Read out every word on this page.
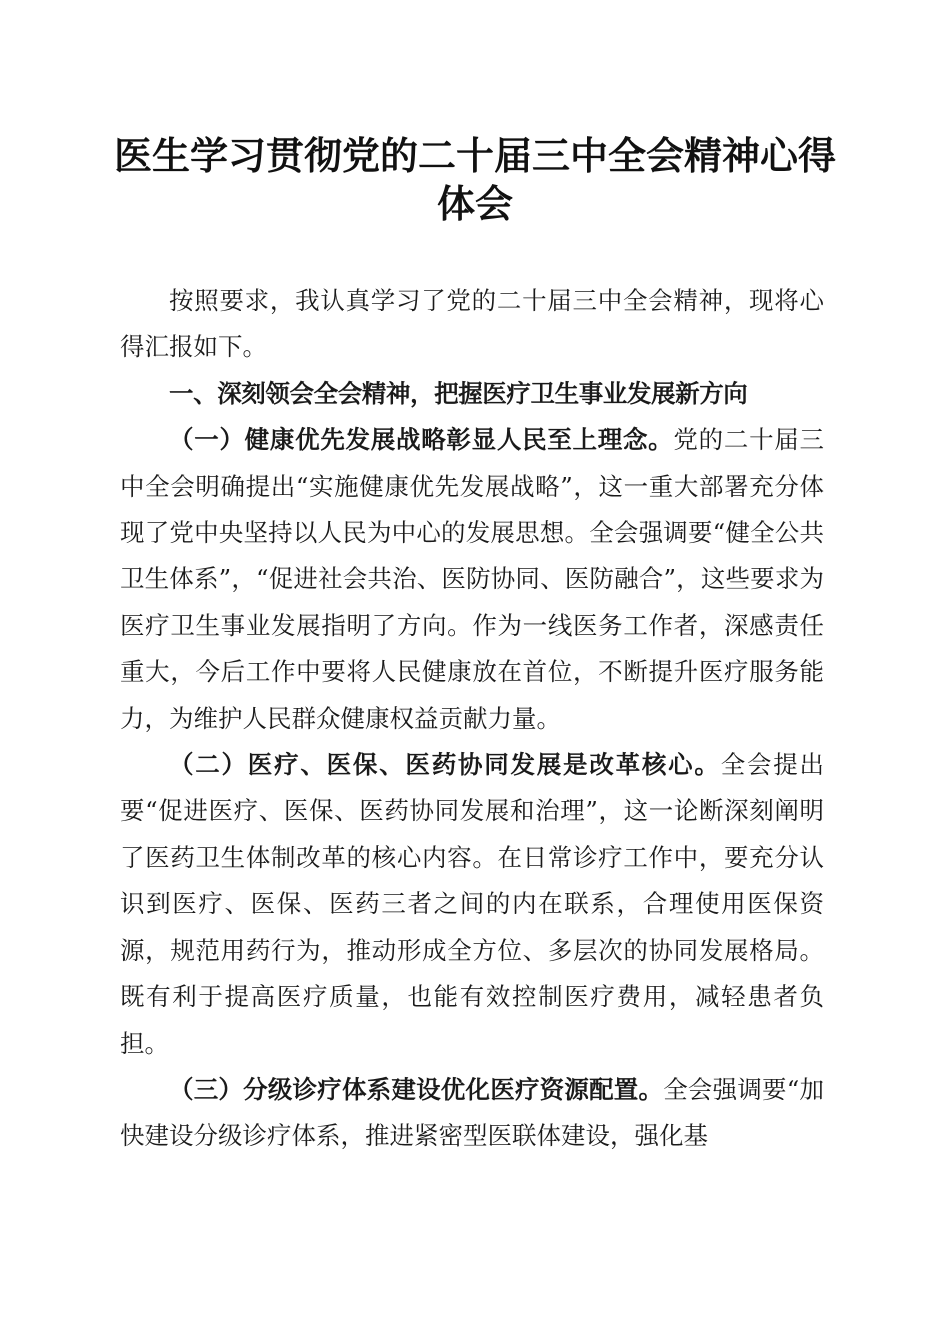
医生学习贯彻党的二十届三中全会精神心得体会

按照要求，我认真学习了党的二十届三中全会精神，现将心得汇报如下。

一、深刻领会全会精神，把握医疗卫生事业发展新方向

（一）健康优先发展战略彰显人民至上理念。党的二十届三中全会明确提出“实施健康优先发展战略”，这一重大部署充分体现了党中央坚持以人民为中心的发展思想。全会强调要“健全公共卫生体系”，“促进社会共治、医防协同、医防融合”，这些要求为医疗卫生事业发展指明了方向。作为一线医务工作者，深感责任重大，今后工作中要将人民健康放在首位，不断提升医疗服务能力，为维护人民群众健康权益贡献力量。

（二）医疗、医保、医药协同发展是改革核心。全会提出要“促进医疗、医保、医药协同发展和治理”，这一论断深刻阐明了医药卫生体制改革的核心内容。在日常诊疗工作中，要充分认识到医疗、医保、医药三者之间的内在联系，合理使用医保资源，规范用药行为，推动形成全方位、多层次的协同发展格局。既有利于提高医疗质量，也能有效控制医疗费用，减轻患者负担。

（三）分级诊疗体系建设优化医疗资源配置。全会强调要“加快建设分级诊疗体系，推进紧密型医联体建设，强化基
